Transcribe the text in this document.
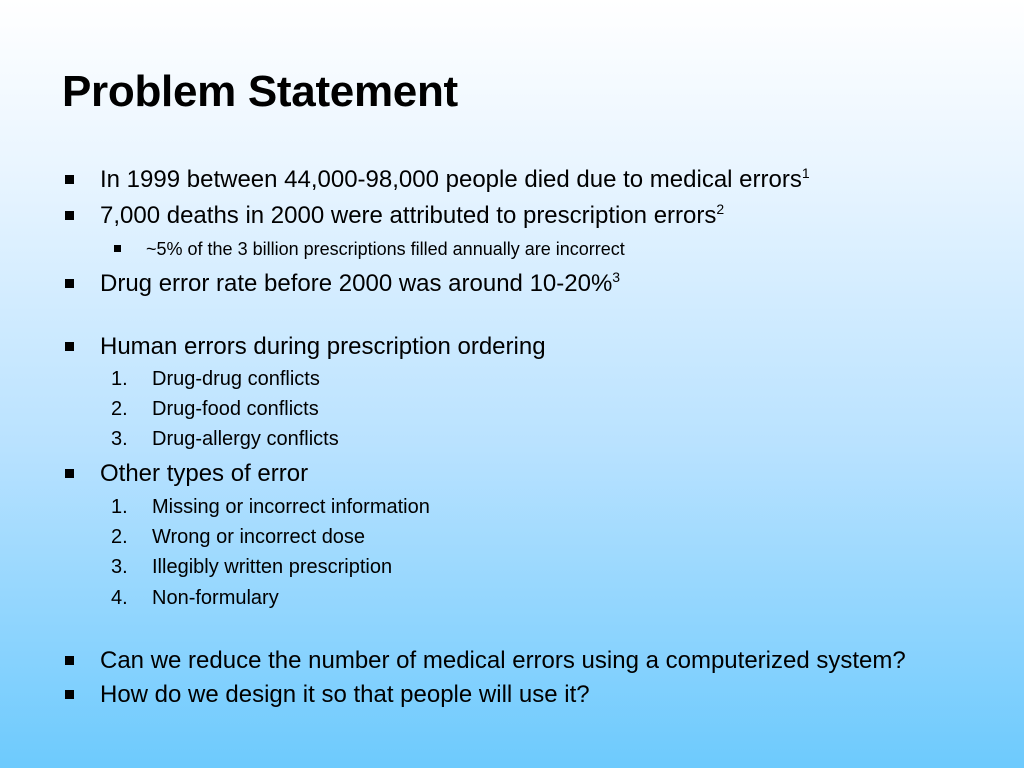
Problem Statement
In 1999 between 44,000-98,000 people died due to medical errors$^1$
7,000 deaths in 2000 were attributed to prescription errors$^2$
~5% of the 3 billion prescriptions filled annually are incorrect
Drug error rate before 2000 was around 10-20%$^3$
Human errors during prescription ordering
1. Drug-drug conflicts
2. Drug-food conflicts
3. Drug-allergy conflicts
Other types of error
1. Missing or incorrect information
2. Wrong or incorrect dose
3. Illegibly written prescription
4. Non-formulary
Can we reduce the number of medical errors using a computerized system?
How do we design it so that people will use it?
